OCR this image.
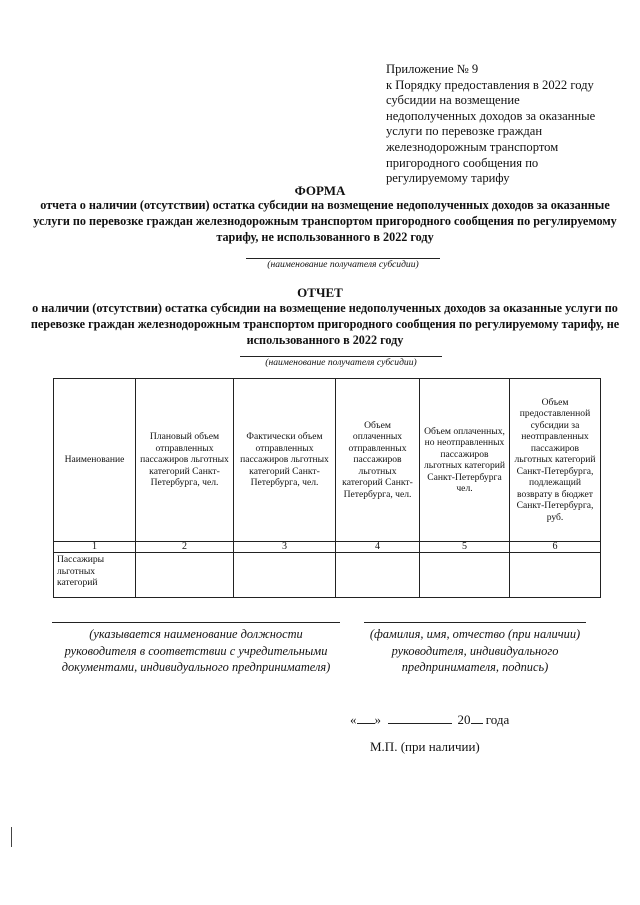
Приложение № 9
к Порядку предоставления в 2022 году
субсидии на возмещение
недополученных доходов за оказанные
услуги по перевозке граждан
железнодорожным транспортом
пригородного сообщения по
регулируемому тарифу
ФОРМА
отчета о наличии (отсутствии) остатка субсидии на возмещение недополученных доходов за оказанные услуги по перевозке граждан железнодорожным транспортом пригородного сообщения по регулируемому тарифу, не использованного в 2022 году
(наименование получателя субсидии)
ОТЧЕТ
о наличии (отсутствии) остатка субсидии на возмещение недополученных доходов за оказанные услуги по перевозке граждан железнодорожным транспортом пригородного сообщения по регулируемому тарифу, не использованного в 2022 году
(наименование получателя субсидии)
Наименование	Плановый объем отправленных пассажиров льготных категорий Санкт-Петербурга, чел.	Фактически объем отправленных пассажиров льготных категорий Санкт-Петербурга, чел.	Объем оплаченных отправленных пассажиров льготных категорий Санкт-Петербурга, чел.	Объем оплаченных, но неотправленных пассажиров льготных категорий Санкт-Петербурга чел.	Объем предоставленной субсидии за неотправленных пассажиров льготных категорий Санкт-Петербурга, подлежащий возврату в бюджет Санкт-Петербурга, руб.
1	2	3	4	5	6
Пассажиры льготных категорий					
(указывается наименование должности руководителя в соответствии с учредительными документами, индивидуального предпринимателя)
(фамилия, имя, отчество (при наличии) руководителя, индивидуального предпринимателя, подпись)
« »	20 года
М.П. (при наличии)
